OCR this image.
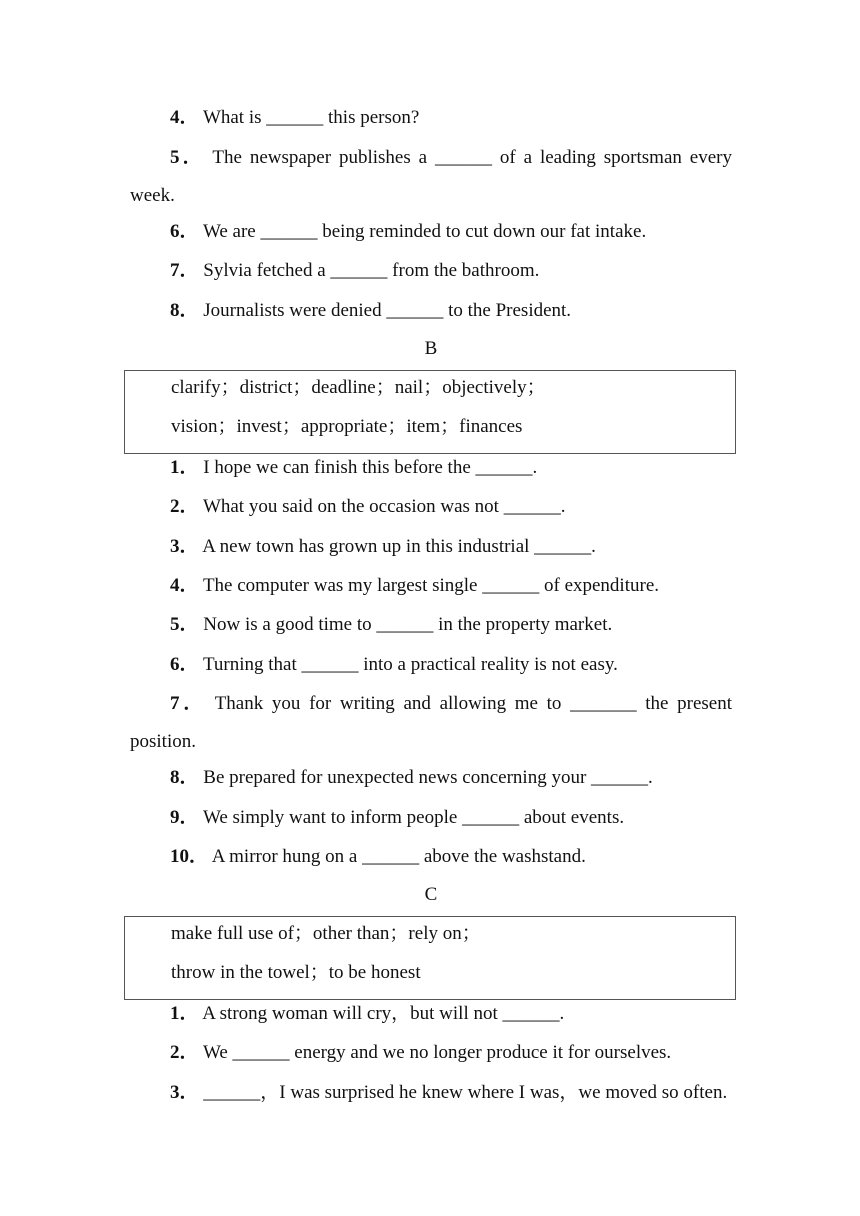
4． What is ______ this person?
5． The newspaper publishes a ______ of a leading sportsman every
week.
6． We are ______ being reminded to cut down our fat intake.
7． Sylvia fetched a ______ from the bathroom.
8． Journalists were denied ______ to the President.
B
clarify；district；deadline；nail；objectively；
vision；invest；appropriate；item；finances
1． I hope we can finish this before the ______.
2． What you said on the occasion was not ______.
3． A new town has grown up in this industrial ______.
4． The computer was my largest single ______ of expenditure.
5． Now is a good time to ______ in the property market.
6． Turning that ______ into a practical reality is not easy.
7． Thank you for writing and allowing me to _______ the present
position.
8． Be prepared for unexpected news concerning your ______.
9． We simply want to inform people ______ about events.
10． A mirror hung on a ______ above the washstand.
C
make full use of；other than；rely on；
throw in the towel；to be honest
1． A strong woman will cry，but will not ______.
2． We ______ energy and we no longer produce it for ourselves.
3． ______，I was surprised he knew where I was，we moved so often.
